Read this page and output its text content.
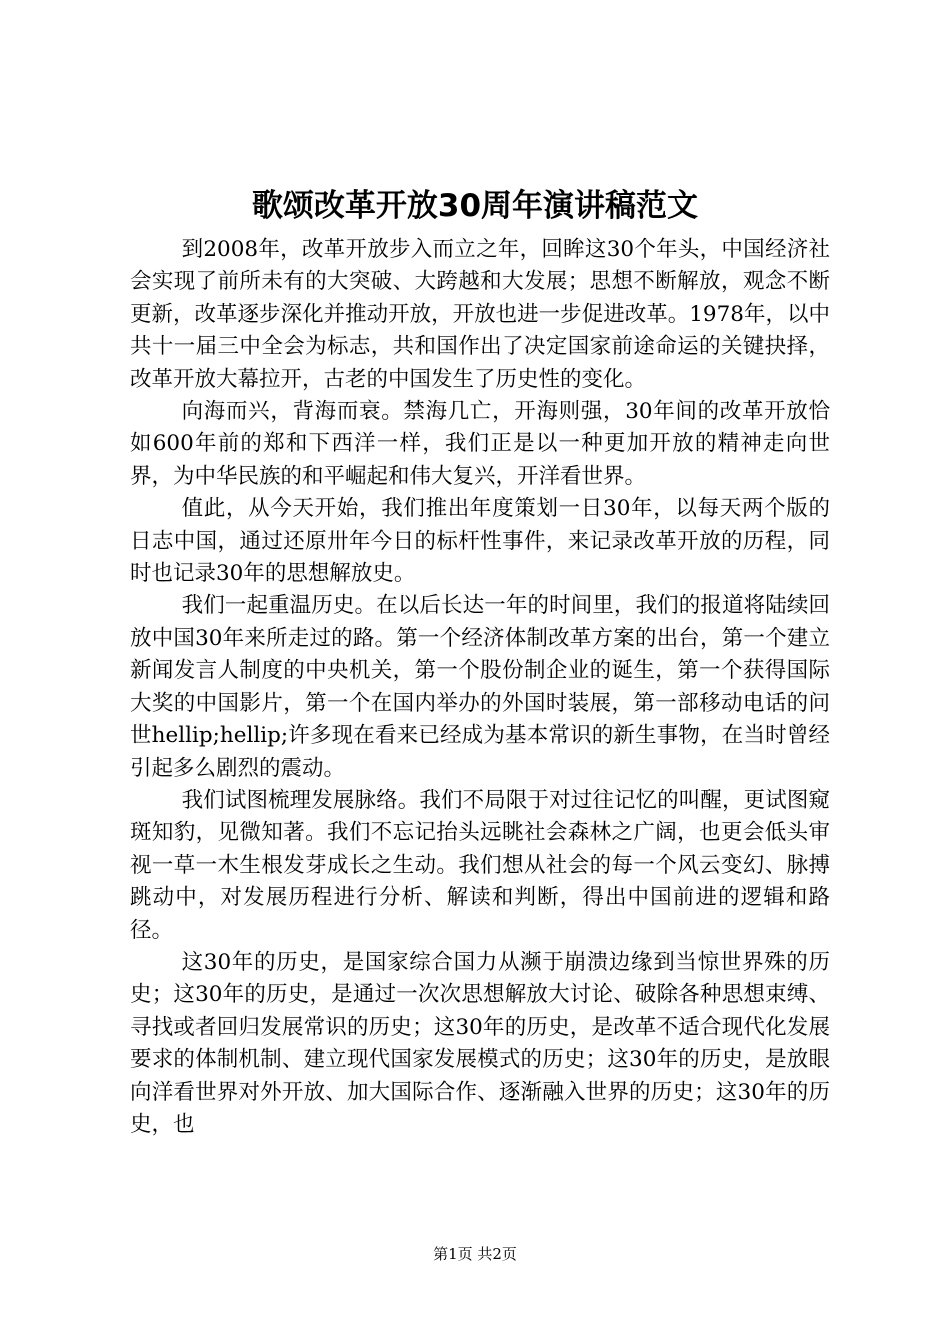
歌颂改革开放30周年演讲稿范文

到2008年，改革开放步入而立之年，回眸这30个年头，中国经济社会实现了前所未有的大突破、大跨越和大发展；思想不断解放，观念不断更新，改革逐步深化并推动开放，开放也进一步促进改革。1978年，以中共十一届三中全会为标志，共和国作出了决定国家前途命运的关键抉择，改革开放大幕拉开，古老的中国发生了历史性的变化。

向海而兴，背海而衰。禁海几亡，开海则强，30年间的改革开放恰如600年前的郑和下西洋一样，我们正是以一种更加开放的精神走向世界，为中华民族的和平崛起和伟大复兴，开洋看世界。

值此，从今天开始，我们推出年度策划一日30年，以每天两个版的日志中国，通过还原卅年今日的标杆性事件，来记录改革开放的历程，同时也记录30年的思想解放史。

我们一起重温历史。在以后长达一年的时间里，我们的报道将陆续回放中国30年来所走过的路。第一个经济体制改革方案的出台，第一个建立新闻发言人制度的中央机关，第一个股份制企业的诞生，第一个获得国际大奖的中国影片，第一个在国内举办的外国时装展，第一部移动电话的问世hellip;hellip;许多现在看来已经成为基本常识的新生事物，在当时曾经引起多么剧烈的震动。

我们试图梳理发展脉络。我们不局限于对过往记忆的叫醒，更试图窥斑知豹，见微知著。我们不忘记抬头远眺社会森林之广阔，也更会低头审视一草一木生根发芽成长之生动。我们想从社会的每一个风云变幻、脉搏跳动中，对发展历程进行分析、解读和判断，得出中国前进的逻辑和路径。

这30年的历史，是国家综合国力从濒于崩溃边缘到当惊世界殊的历史；这30年的历史，是通过一次次思想解放大讨论、破除各种思想束缚、寻找或者回归发展常识的历史；这30年的历史，是改革不适合现代化发展要求的体制机制、建立现代国家发展模式的历史；这30年的历史，是放眼向洋看世界对外开放、加大国际合作、逐渐融入世界的历史；这30年的历史，也

第1页 共2页
